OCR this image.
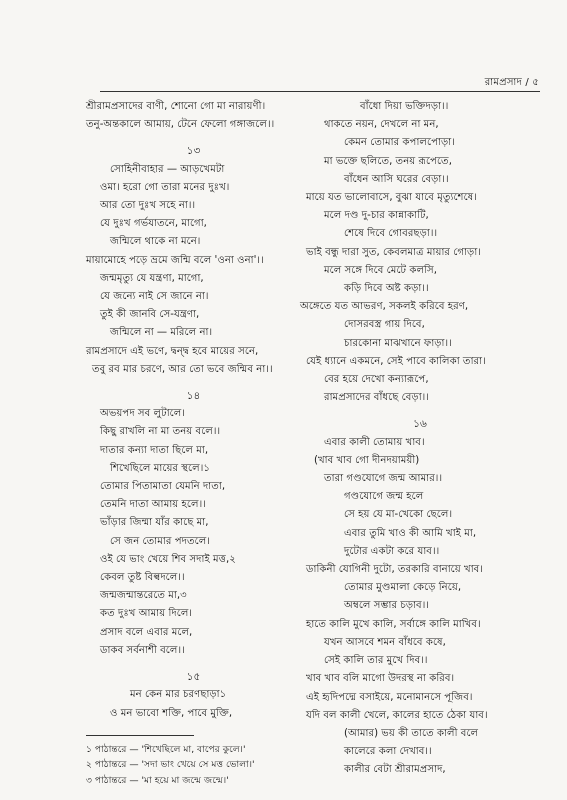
রামপ্রসাদ / ৫
শ্রীরামপ্রসাদের বাণী, শোনো গো মা নারায়ণী।
তনু-অন্তকালে আমায়, টেনে ফেলো গঙ্গাজলে।।
১৩
সোহিনীবাহার — আড়খেমটা
ওমা। হরো গো তারা মনের দুঃখ।
আর তো দুঃখ সহে না।।
যে দুঃখ গর্ভযাতনে, মাগো,
জন্মিলে থাকে না মনে।
মায়ামোহে পড়ে ভ্রমে জন্মি বলে 'ওনা ওনা'।।
জন্মমৃত্যু যে যন্ত্রণা, মাগো,
যে জন্যে নাই সে জানে না।
তুই কী জানবি সে-যন্ত্রণা,
জন্মিলে না — মরিলে না।
রামপ্রসাদে এই ভণে, দ্বন্দ্ব হবে মায়ের সনে,
তবু রব মার চরণে, আর তো ভবে জন্মিব না।।
১৪
অভয়পদ সব লুটালে।
কিছু রাখলি না মা তনয় বলে।।
দাতার কন্যা দাতা ছিলে মা,
শিখেছিলে মায়ের স্থলে।১
তোমার পিতামাতা যেমনি দাতা,
তেমনি দাতা আমায় হলে।।
ভাঁড়ার জিম্মা যাঁর কাছে মা,
সে জন তোমার পদতলে।
ওই যে ভাং খেয়ে শিব সদাই মত্ত,২
কেবল তুষ্ট বিল্বদলে।।
জন্মজন্মান্তরেতে মা,৩
কত দুঃখ আমায় দিলে।
প্রসাদ বলে এবার মলে,
ডাকব সর্বনাশী বলে।।
১৫
মন কেন মার চরণছাড়া১
ও মন ভাবো শক্তি, পাবে মুক্তি,
১ পাঠান্তরে — 'শিখেছিলে মা, বাপের কুলে।'
২ পাঠান্তরে — 'সদা ভাং খেয়ে সে মত্ত ভোলা।'
৩ পাঠান্তরে — 'মা হয়ে মা জন্মে জন্মে।'
বাঁধো দিয়া ভক্তিদড়া।।
থাকতে নয়ন, দেখলে না মন,
কেমন তোমার কপালপোড়া।
মা ভক্তে ছলিতে, তনয় রূপেতে,
বাঁধেন আসি ঘরের বেড়া।।
মায়ে যত ভালোবাসে, বুঝা যাবে মৃত্যুশেষে।
মলে দণ্ড দু-চার কান্নাকাটি,
শেষে দিবে গোবরছড়া।।
ভাই বন্ধু দারা সুত, কেবলমাত্র মায়ার গোড়া।
মলে সঙ্গে দিবে মেটে কলসি,
কড়ি দিবে অষ্ট কড়া।।
অঙ্গেতে যত আভরণ, সকলই করিবে হরণ,
দোসরবস্ত্র গায় দিবে,
চারকোনা মাঝখানে ফাড়া।।
যেই ধ্যানে একমনে, সেই পাবে কালিকা তারা।
বের হয়ে দেখো কন্যারূপে,
রামপ্রসাদের বাঁধছে বেড়া।।
১৬
এবার কালী তোমায় খাব।
(খাব খাব গো দীনদয়াময়ী)
তারা গণ্ডযোগে জন্ম আমার।।
গণ্ডযোগে জন্ম হলে
সে হয় যে মা-খেকো ছেলে।
এবার তুমি খাও কী আমি খাই মা,
দুটোর একটা করে যাব।।
ডাকিনী যোগিনী দুটো, তরকারি বানায়ে খাব।
তোমার মুণ্ডমালা কেড়ে নিয়ে,
অম্বলে সম্ভার চড়াব।।
হাতে কালি মুখে কালি, সর্বাঙ্গে কালি মাখিব।
যখন আসবে শমন বাঁধবে কষে,
সেই কালি তার মুখে দিব।।
খাব খাব বলি মাগো উদরস্থ না করিব।
এই হৃদিপদ্মে বসাইয়ে, মনোমানসে পূজিব।
যদি বল কালী খেলে, কালের হাতে ঠেকা যাব।
(আমার) ভয় কী তাতে কালী বলে
কালেরে কলা দেখাব।।
কালীর বেটা শ্রীরামপ্রসাদ,
